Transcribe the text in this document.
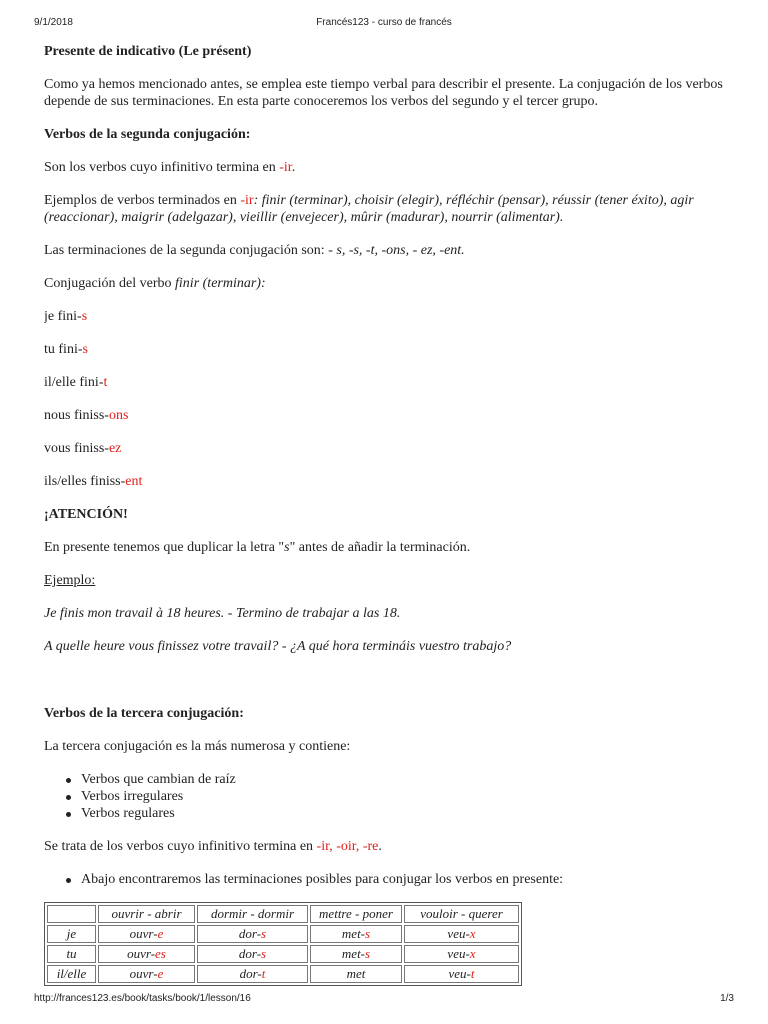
9/1/2018	Francés123 - curso de francés
Presente de indicativo (Le présent)

Como ya hemos mencionado antes, se emplea este tiempo verbal para describir el presente. La conjugación de los verbos depende de sus terminaciones. En esta parte conoceremos los verbos del segundo y el tercer grupo.

Verbos de la segunda conjugación:

Son los verbos cuyo infinitivo termina en -ir.

Ejemplos de verbos terminados en -ir: finir (terminar), choisir (elegir), réfléchir (pensar), réussir (tener éxito), agir (reaccionar), maigrir (adelgazar), vieillir (envejecer), mûrir (madurar), nourrir (alimentar).

Las terminaciones de la segunda conjugación son: - s, -s, -t, -ons, - ez, -ent.

Conjugación del verbo finir (terminar):

je fini-s

tu fini-s

il/elle fini-t

nous finiss-ons

vous finiss-ez

ils/elles finiss-ent

¡ATENCIÓN!

En presente tenemos que duplicar la letra "s" antes de añadir la terminación.

Ejemplo:

Je finis mon travail à 18 heures. - Termino de trabajar a las 18.

A quelle heure vous finissez votre travail? - ¿A qué hora termináis vuestro trabajo?

Verbos de la tercera conjugación:

La tercera conjugación es la más numerosa y contiene:

Verbos que cambian de raíz
Verbos irregulares
Verbos regulares

Se trata de los verbos cuyo infinitivo termina en -ir, -oir, -re.

Abajo encontraremos las terminaciones posibles para conjugar los verbos en presente:
	ouvrir - abrir	dormir - dormir	mettre - poner	vouloir - querer
je	ouvr-e	dor-s	met-s	veu-x
tu	ouvr-es	dor-s	met-s	veu-x
il/elle	ouvr-e	dor-t	met	veu-t
http://frances123.es/book/tasks/book/1/lesson/16	1/3
